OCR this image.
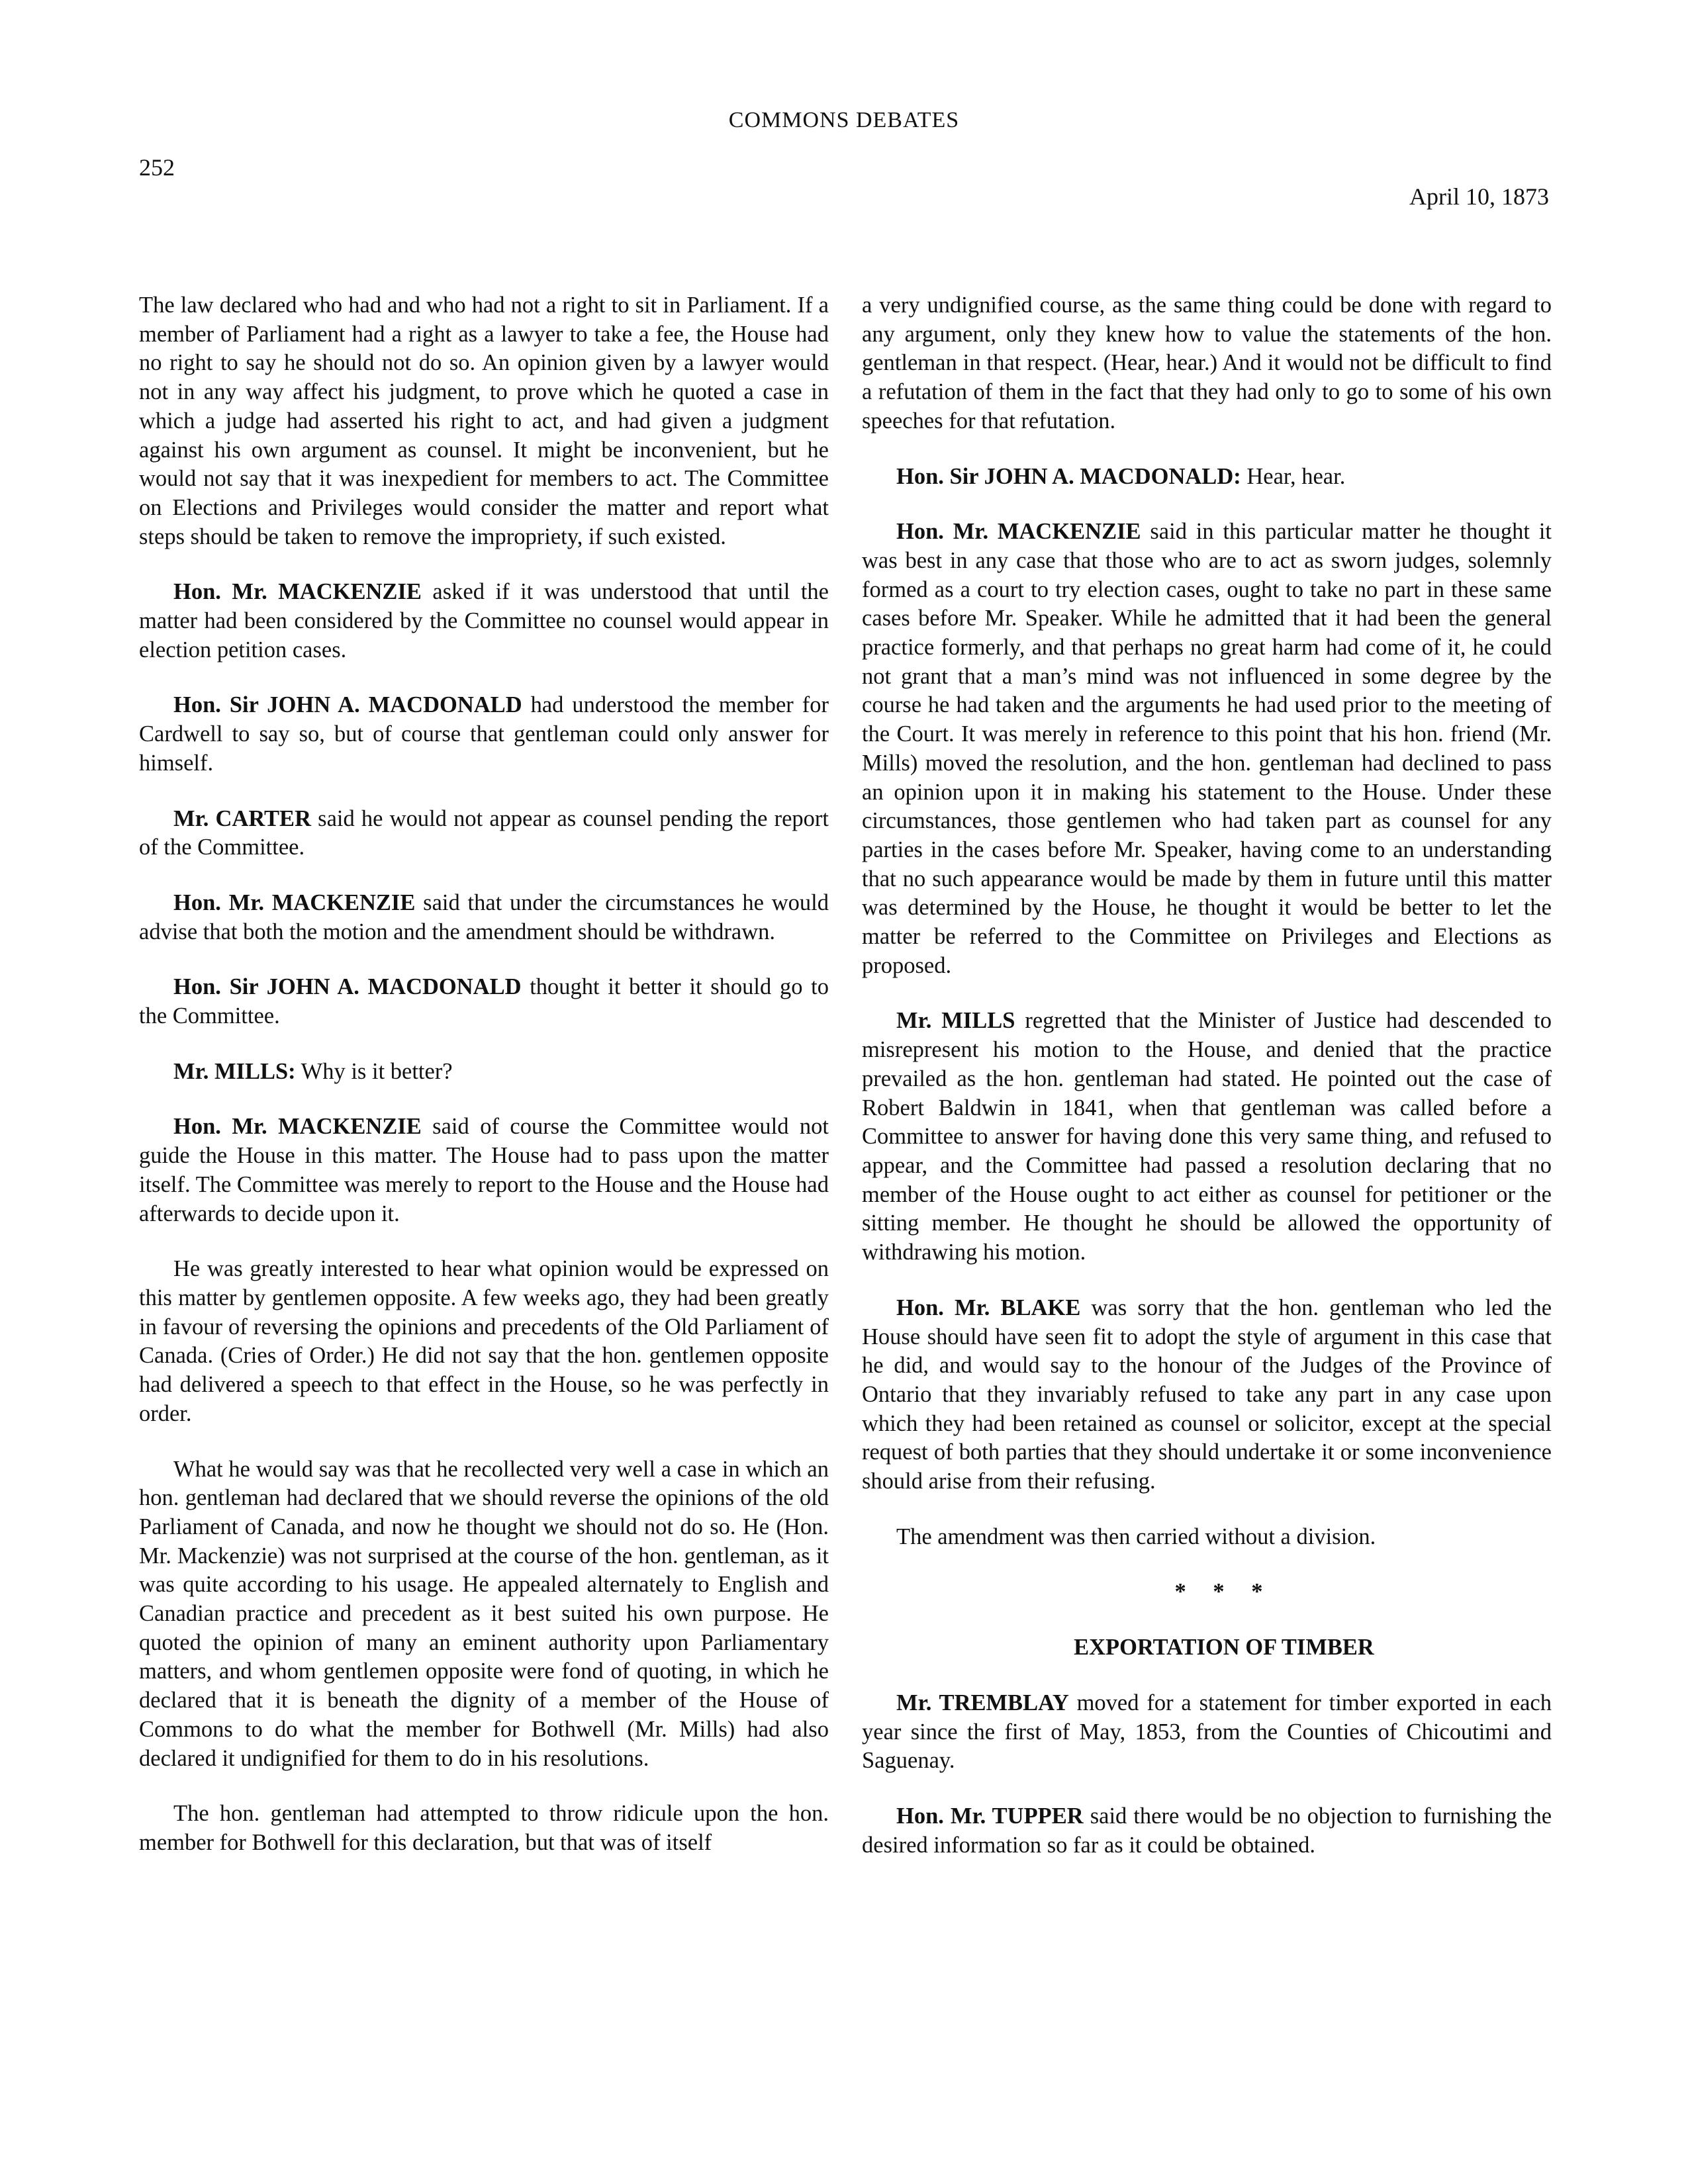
COMMONS DEBATES
252
April 10, 1873

The law declared who had and who had not a right to sit in Parliament. If a member of Parliament had a right as a lawyer to take a fee, the House had no right to say he should not do so. An opinion given by a lawyer would not in any way affect his judgment, to prove which he quoted a case in which a judge had asserted his right to act, and had given a judgment against his own argument as counsel. It might be inconvenient, but he would not say that it was inexpedient for members to act. The Committee on Elections and Privileges would consider the matter and report what steps should be taken to remove the impropriety, if such existed.

Hon. Mr. MACKENZIE asked if it was understood that until the matter had been considered by the Committee no counsel would appear in election petition cases.

Hon. Sir JOHN A. MACDONALD had understood the member for Cardwell to say so, but of course that gentleman could only answer for himself.

Mr. CARTER said he would not appear as counsel pending the report of the Committee.

Hon. Mr. MACKENZIE said that under the circumstances he would advise that both the motion and the amendment should be withdrawn.

Hon. Sir JOHN A. MACDONALD thought it better it should go to the Committee.

Mr. MILLS: Why is it better?

Hon. Mr. MACKENZIE said of course the Committee would not guide the House in this matter. The House had to pass upon the matter itself. The Committee was merely to report to the House and the House had afterwards to decide upon it.

He was greatly interested to hear what opinion would be expressed on this matter by gentlemen opposite. A few weeks ago, they had been greatly in favour of reversing the opinions and precedents of the Old Parliament of Canada. (Cries of Order.) He did not say that the hon. gentlemen opposite had delivered a speech to that effect in the House, so he was perfectly in order.

What he would say was that he recollected very well a case in which an hon. gentleman had declared that we should reverse the opinions of the old Parliament of Canada, and now he thought we should not do so. He (Hon. Mr. Mackenzie) was not surprised at the course of the hon. gentleman, as it was quite according to his usage. He appealed alternately to English and Canadian practice and precedent as it best suited his own purpose. He quoted the opinion of many an eminent authority upon Parliamentary matters, and whom gentlemen opposite were fond of quoting, in which he declared that it is beneath the dignity of a member of the House of Commons to do what the member for Bothwell (Mr. Mills) had also declared it undignified for them to do in his resolutions.

The hon. gentleman had attempted to throw ridicule upon the hon. member for Bothwell for this declaration, but that was of itself

a very undignified course, as the same thing could be done with regard to any argument, only they knew how to value the statements of the hon. gentleman in that respect. (Hear, hear.) And it would not be difficult to find a refutation of them in the fact that they had only to go to some of his own speeches for that refutation.

Hon. Sir JOHN A. MACDONALD: Hear, hear.

Hon. Mr. MACKENZIE said in this particular matter he thought it was best in any case that those who are to act as sworn judges, solemnly formed as a court to try election cases, ought to take no part in these same cases before Mr. Speaker. While he admitted that it had been the general practice formerly, and that perhaps no great harm had come of it, he could not grant that a man’s mind was not influenced in some degree by the course he had taken and the arguments he had used prior to the meeting of the Court. It was merely in reference to this point that his hon. friend (Mr. Mills) moved the resolution, and the hon. gentleman had declined to pass an opinion upon it in making his statement to the House. Under these circumstances, those gentlemen who had taken part as counsel for any parties in the cases before Mr. Speaker, having come to an understanding that no such appearance would be made by them in future until this matter was determined by the House, he thought it would be better to let the matter be referred to the Committee on Privileges and Elections as proposed.

Mr. MILLS regretted that the Minister of Justice had descended to misrepresent his motion to the House, and denied that the practice prevailed as the hon. gentleman had stated. He pointed out the case of Robert Baldwin in 1841, when that gentleman was called before a Committee to answer for having done this very same thing, and refused to appear, and the Committee had passed a resolution declaring that no member of the House ought to act either as counsel for petitioner or the sitting member. He thought he should be allowed the opportunity of withdrawing his motion.

Hon. Mr. BLAKE was sorry that the hon. gentleman who led the House should have seen fit to adopt the style of argument in this case that he did, and would say to the honour of the Judges of the Province of Ontario that they invariably refused to take any part in any case upon which they had been retained as counsel or solicitor, except at the special request of both parties that they should undertake it or some inconvenience should arise from their refusing.

The amendment was then carried without a division.

* * *

EXPORTATION OF TIMBER

Mr. TREMBLAY moved for a statement for timber exported in each year since the first of May, 1853, from the Counties of Chicoutimi and Saguenay.

Hon. Mr. TUPPER said there would be no objection to furnishing the desired information so far as it could be obtained.
